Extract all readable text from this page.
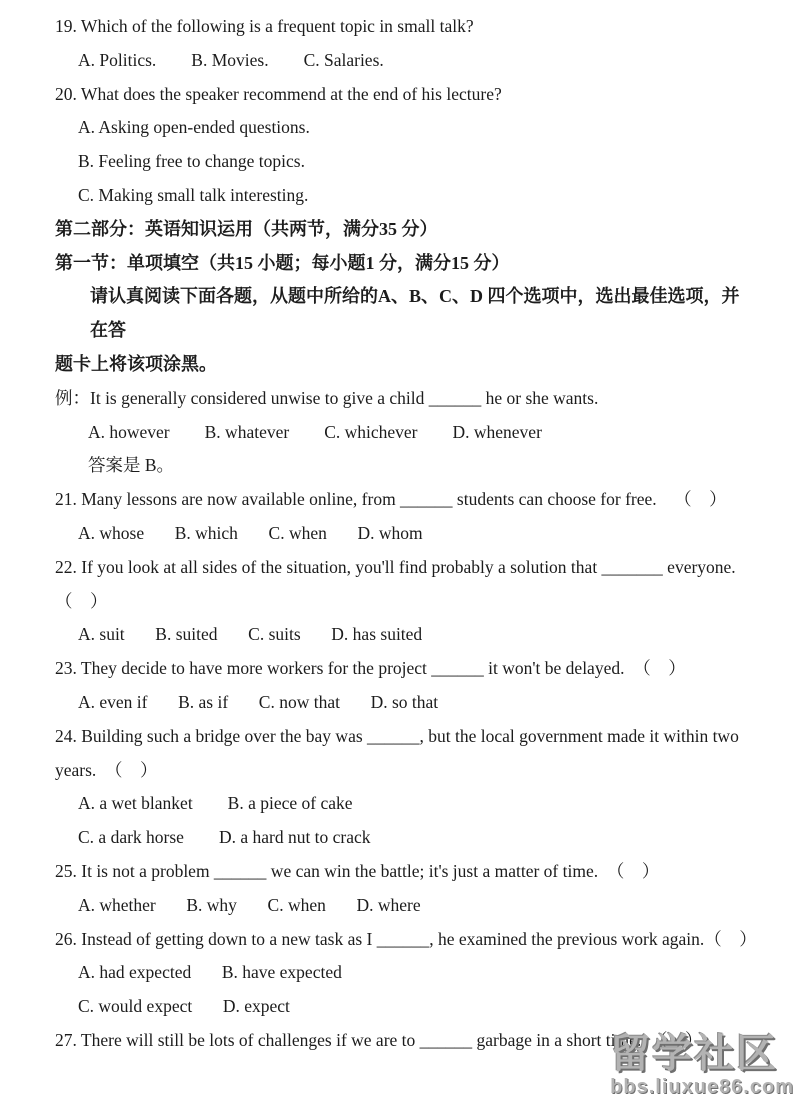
19. Which of the following is a frequent topic in small talk?
A. Politics.        B. Movies.        C. Salaries.
20. What does the speaker recommend at the end of his lecture?
A. Asking open-ended questions.
B. Feeling free to change topics.
C. Making small talk interesting.
第二部分：英语知识运用（共两节，满分35 分）
第一节：单项填空（共15 小题；每小题1 分，满分15 分）
请认真阅读下面各题，从题中所给的A、B、C、D 四个选项中，选出最佳选项，并在答
题卡上将该项涂黑。
例：It is generally considered unwise to give a child ______ he or she wants.
A. however        B. whatever        C. whichever        D. whenever
答案是 B。
21. Many lessons are now available online, from ______ students can choose for free.    （    ）
A. whose       B. which       C. when       D. whom
22. If you look at all sides of the situation, you'll find probably a solution that _______ everyone.
（    ）
A. suit       B. suited       C. suits       D. has suited
23. They decide to have more workers for the project ______ it won't be delayed.  （    ）
A. even if       B. as if       C. now that       D. so that
24. Building such a bridge over the bay was ______, but the local government made it within two
years.  （    ）
A. a wet blanket        B. a piece of cake
C. a dark horse        D. a hard nut to crack
25. It is not a problem ______ we can win the battle; it's just a matter of time.  （    ）
A. whether       B. why       C. when       D. where
26. Instead of getting down to a new task as I ______, he examined the previous work again.（    ）
A. had expected       B. have expected
C. would expect       D. expect
27. There will still be lots of challenges if we are to ______ garbage in a short time.  （    ）
留学社区
bbs.liuxue86.com
